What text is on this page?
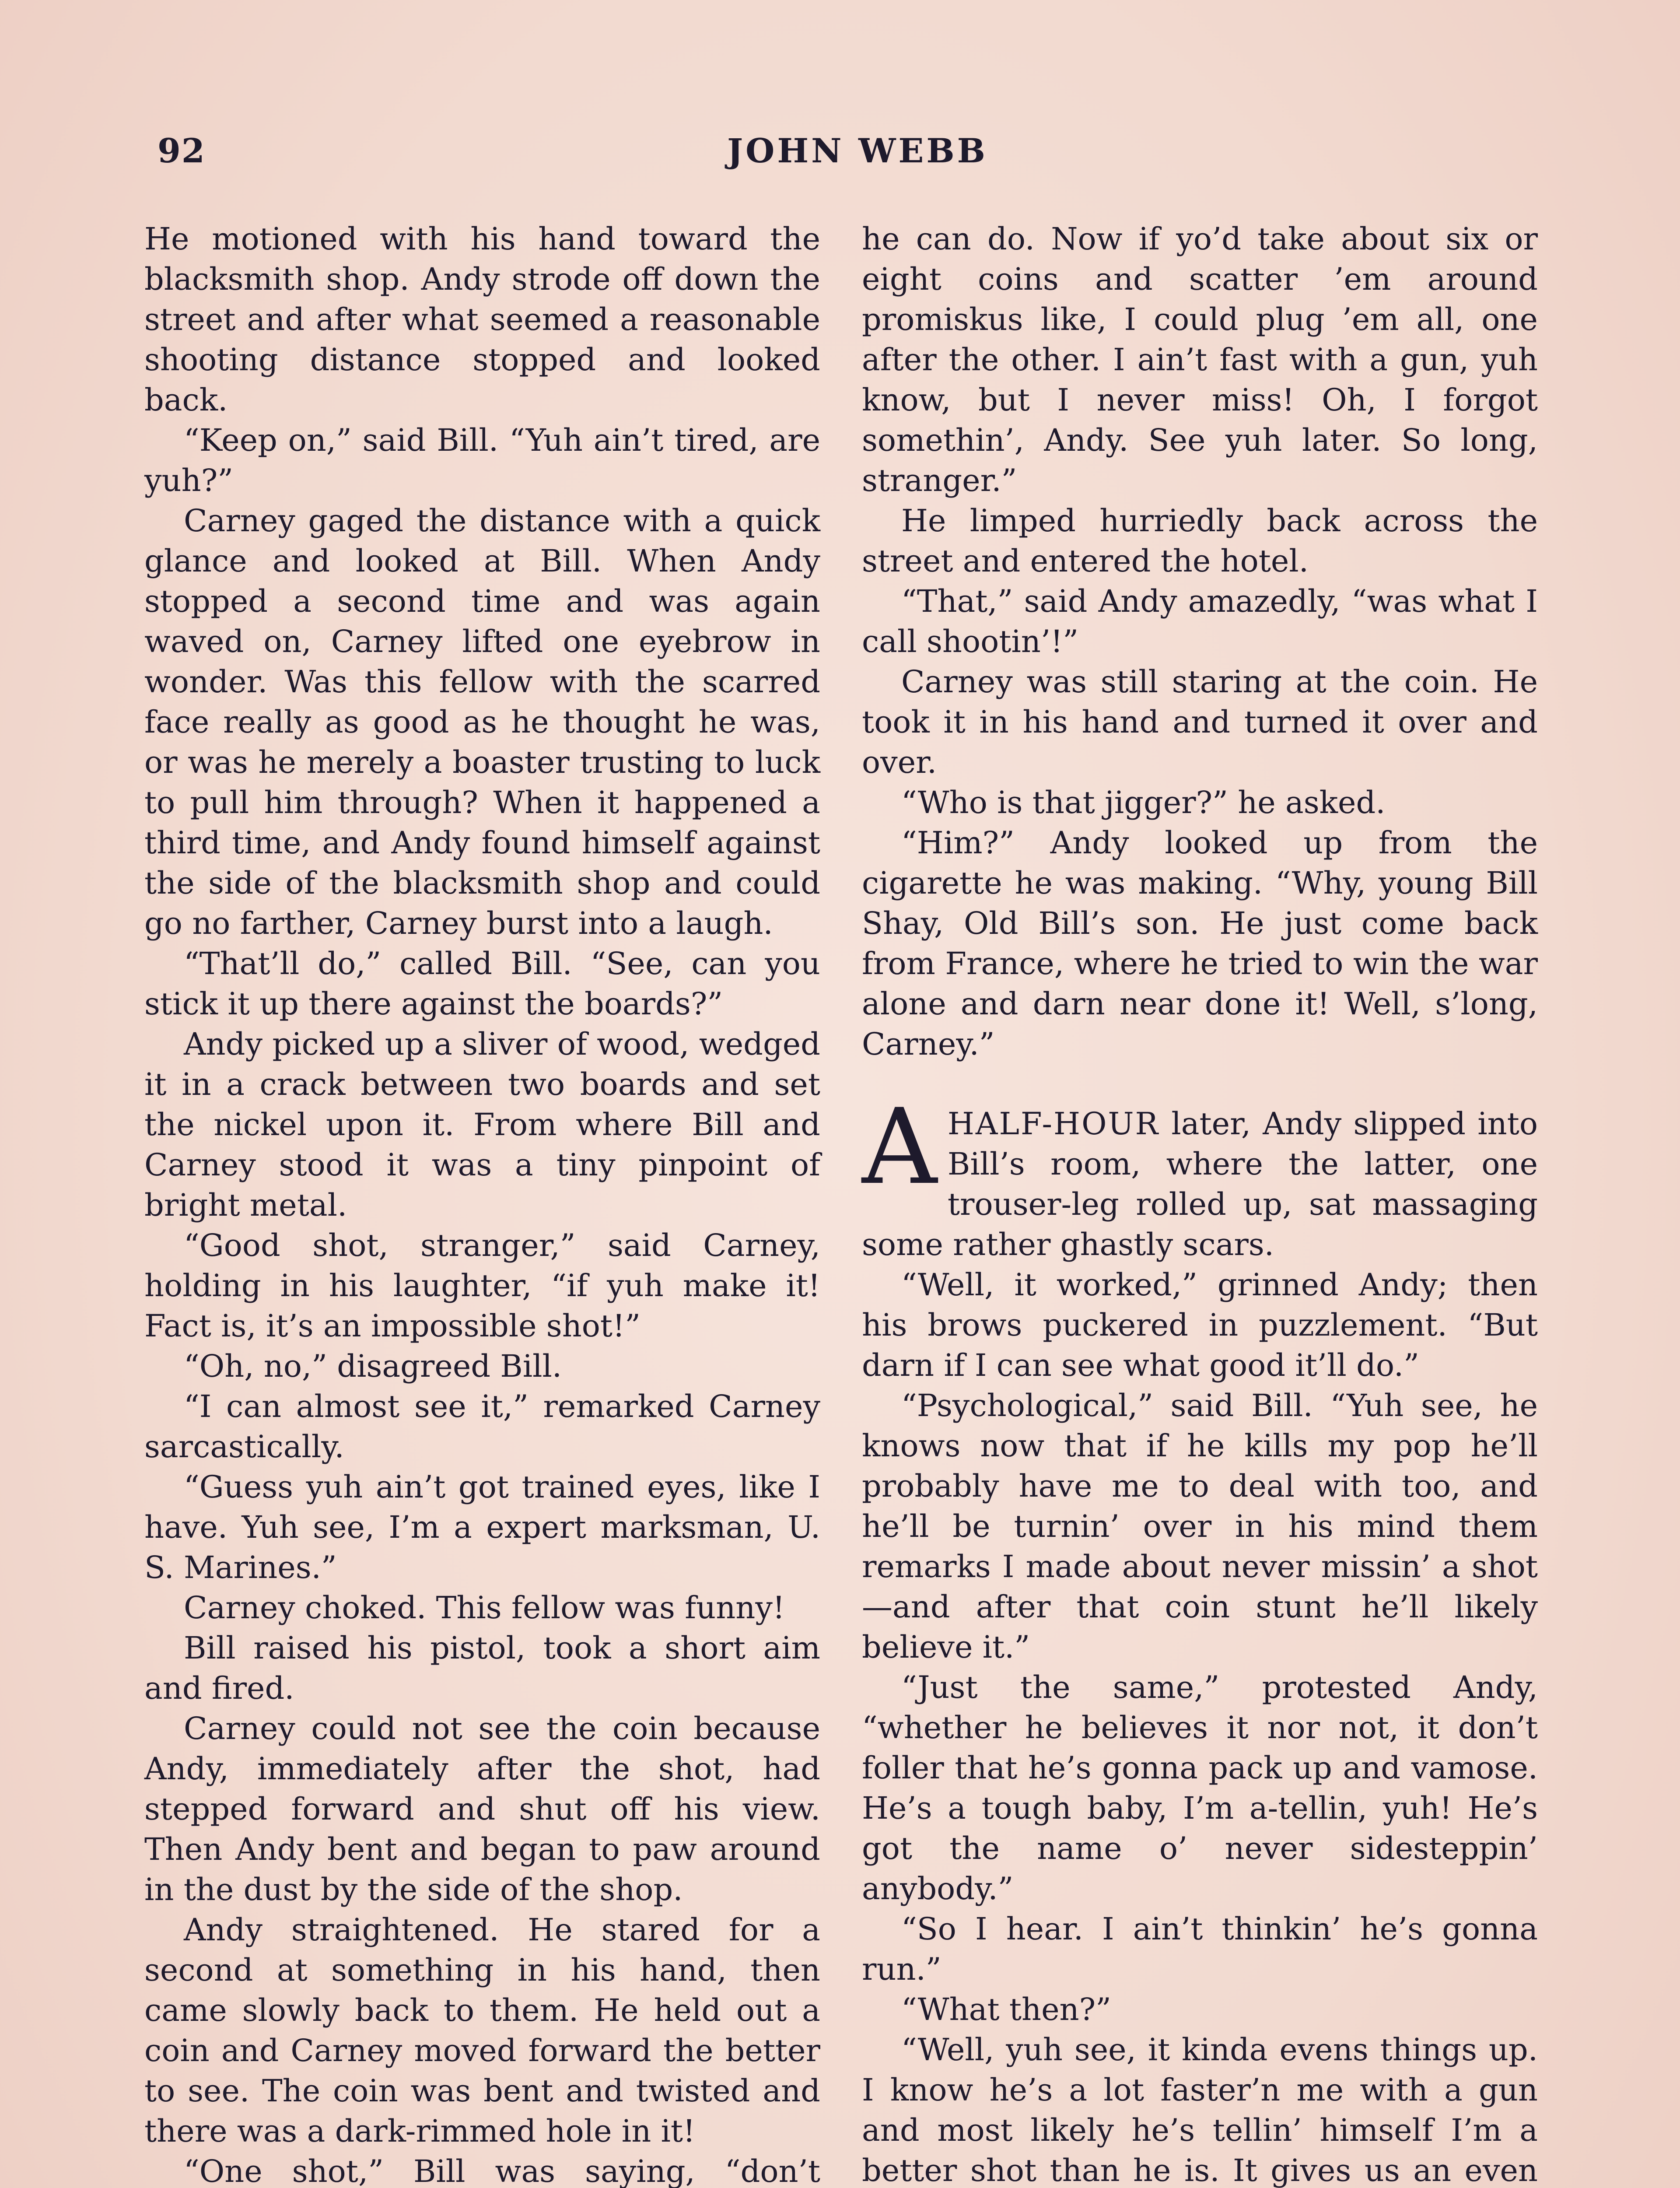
92	JOHN WEBB

He motioned with his hand toward the blacksmith shop. Andy strode off down the street and after what seemed a reasonable shooting distance stopped and looked back.

“Keep on,” said Bill. “Yuh ain’t tired, are yuh?”

Carney gaged the distance with a quick glance and looked at Bill. When Andy stopped a second time and was again waved on, Carney lifted one eyebrow in wonder. Was this fellow with the scarred face really as good as he thought he was, or was he merely a boaster trusting to luck to pull him through? When it happened a third time, and Andy found himself against the side of the blacksmith shop and could go no farther, Carney burst into a laugh.

“That’ll do,” called Bill. “See, can you stick it up there against the boards?”

Andy picked up a sliver of wood, wedged it in a crack between two boards and set the nickel upon it. From where Bill and Carney stood it was a tiny pinpoint of bright metal.

“Good shot, stranger,” said Carney, holding in his laughter, “if yuh make it! Fact is, it’s an impossible shot!”

“Oh, no,” disagreed Bill.

“I can almost see it,” remarked Carney sarcastically.

“Guess yuh ain’t got trained eyes, like I have. Yuh see, I’m a expert marksman, U. S. Marines.”

Carney choked. This fellow was funny!

Bill raised his pistol, took a short aim and fired.

Carney could not see the coin because Andy, immediately after the shot, had stepped forward and shut off his view. Then Andy bent and began to paw around in the dust by the side of the shop.

Andy straightened. He stared for a second at something in his hand, then came slowly back to them. He held out a coin and Carney moved forward the better to see. The coin was bent and twisted and there was a dark-rimmed hole in it!

“One shot,” Bill was saying, “don’t

he can do. Now if yo’d take about six or eight coins and scatter ’em around promiskus like, I could plug ’em all, one after the other. I ain’t fast with a gun, yuh know, but I never miss! Oh, I forgot somethin’, Andy. See yuh later. So long, stranger.”

He limped hurriedly back across the street and entered the hotel.

“That,” said Andy amazedly, “was what I call shootin’!”

Carney was still staring at the coin. He took it in his hand and turned it over and over.

“Who is that jigger?” he asked.

“Him?” Andy looked up from the cigarette he was making. “Why, young Bill Shay, Old Bill’s son. He just come back from France, where he tried to win the war alone and darn near done it! Well, s’long, Carney.”

AHALF-HOUR later, Andy slipped into Bill’s room, where the latter, one trouser-leg rolled up, sat massaging some rather ghastly scars.

“Well, it worked,” grinned Andy; then his brows puckered in puzzlement. “But darn if I can see what good it’ll do.”

“Psychological,” said Bill. “Yuh see, he knows now that if he kills my pop he’ll probably have me to deal with too, and he’ll be turnin’ over in his mind them remarks I made about never missin’ a shot—and after that coin stunt he’ll likely believe it.”

“Just the same,” protested Andy, “whether he believes it nor not, it don’t foller that he’s gonna pack up and vamose. He’s a tough baby, I’m a-tellin, yuh! He’s got the name o’ never sidesteppin’ anybody.”

“So I hear. I ain’t thinkin’ he’s gonna run.”

“What then?”

“Well, yuh see, it kinda evens things up. I know he’s a lot faster’n me with a gun and most likely he’s tellin’ himself I’m a better shot than he is. It gives us an even
